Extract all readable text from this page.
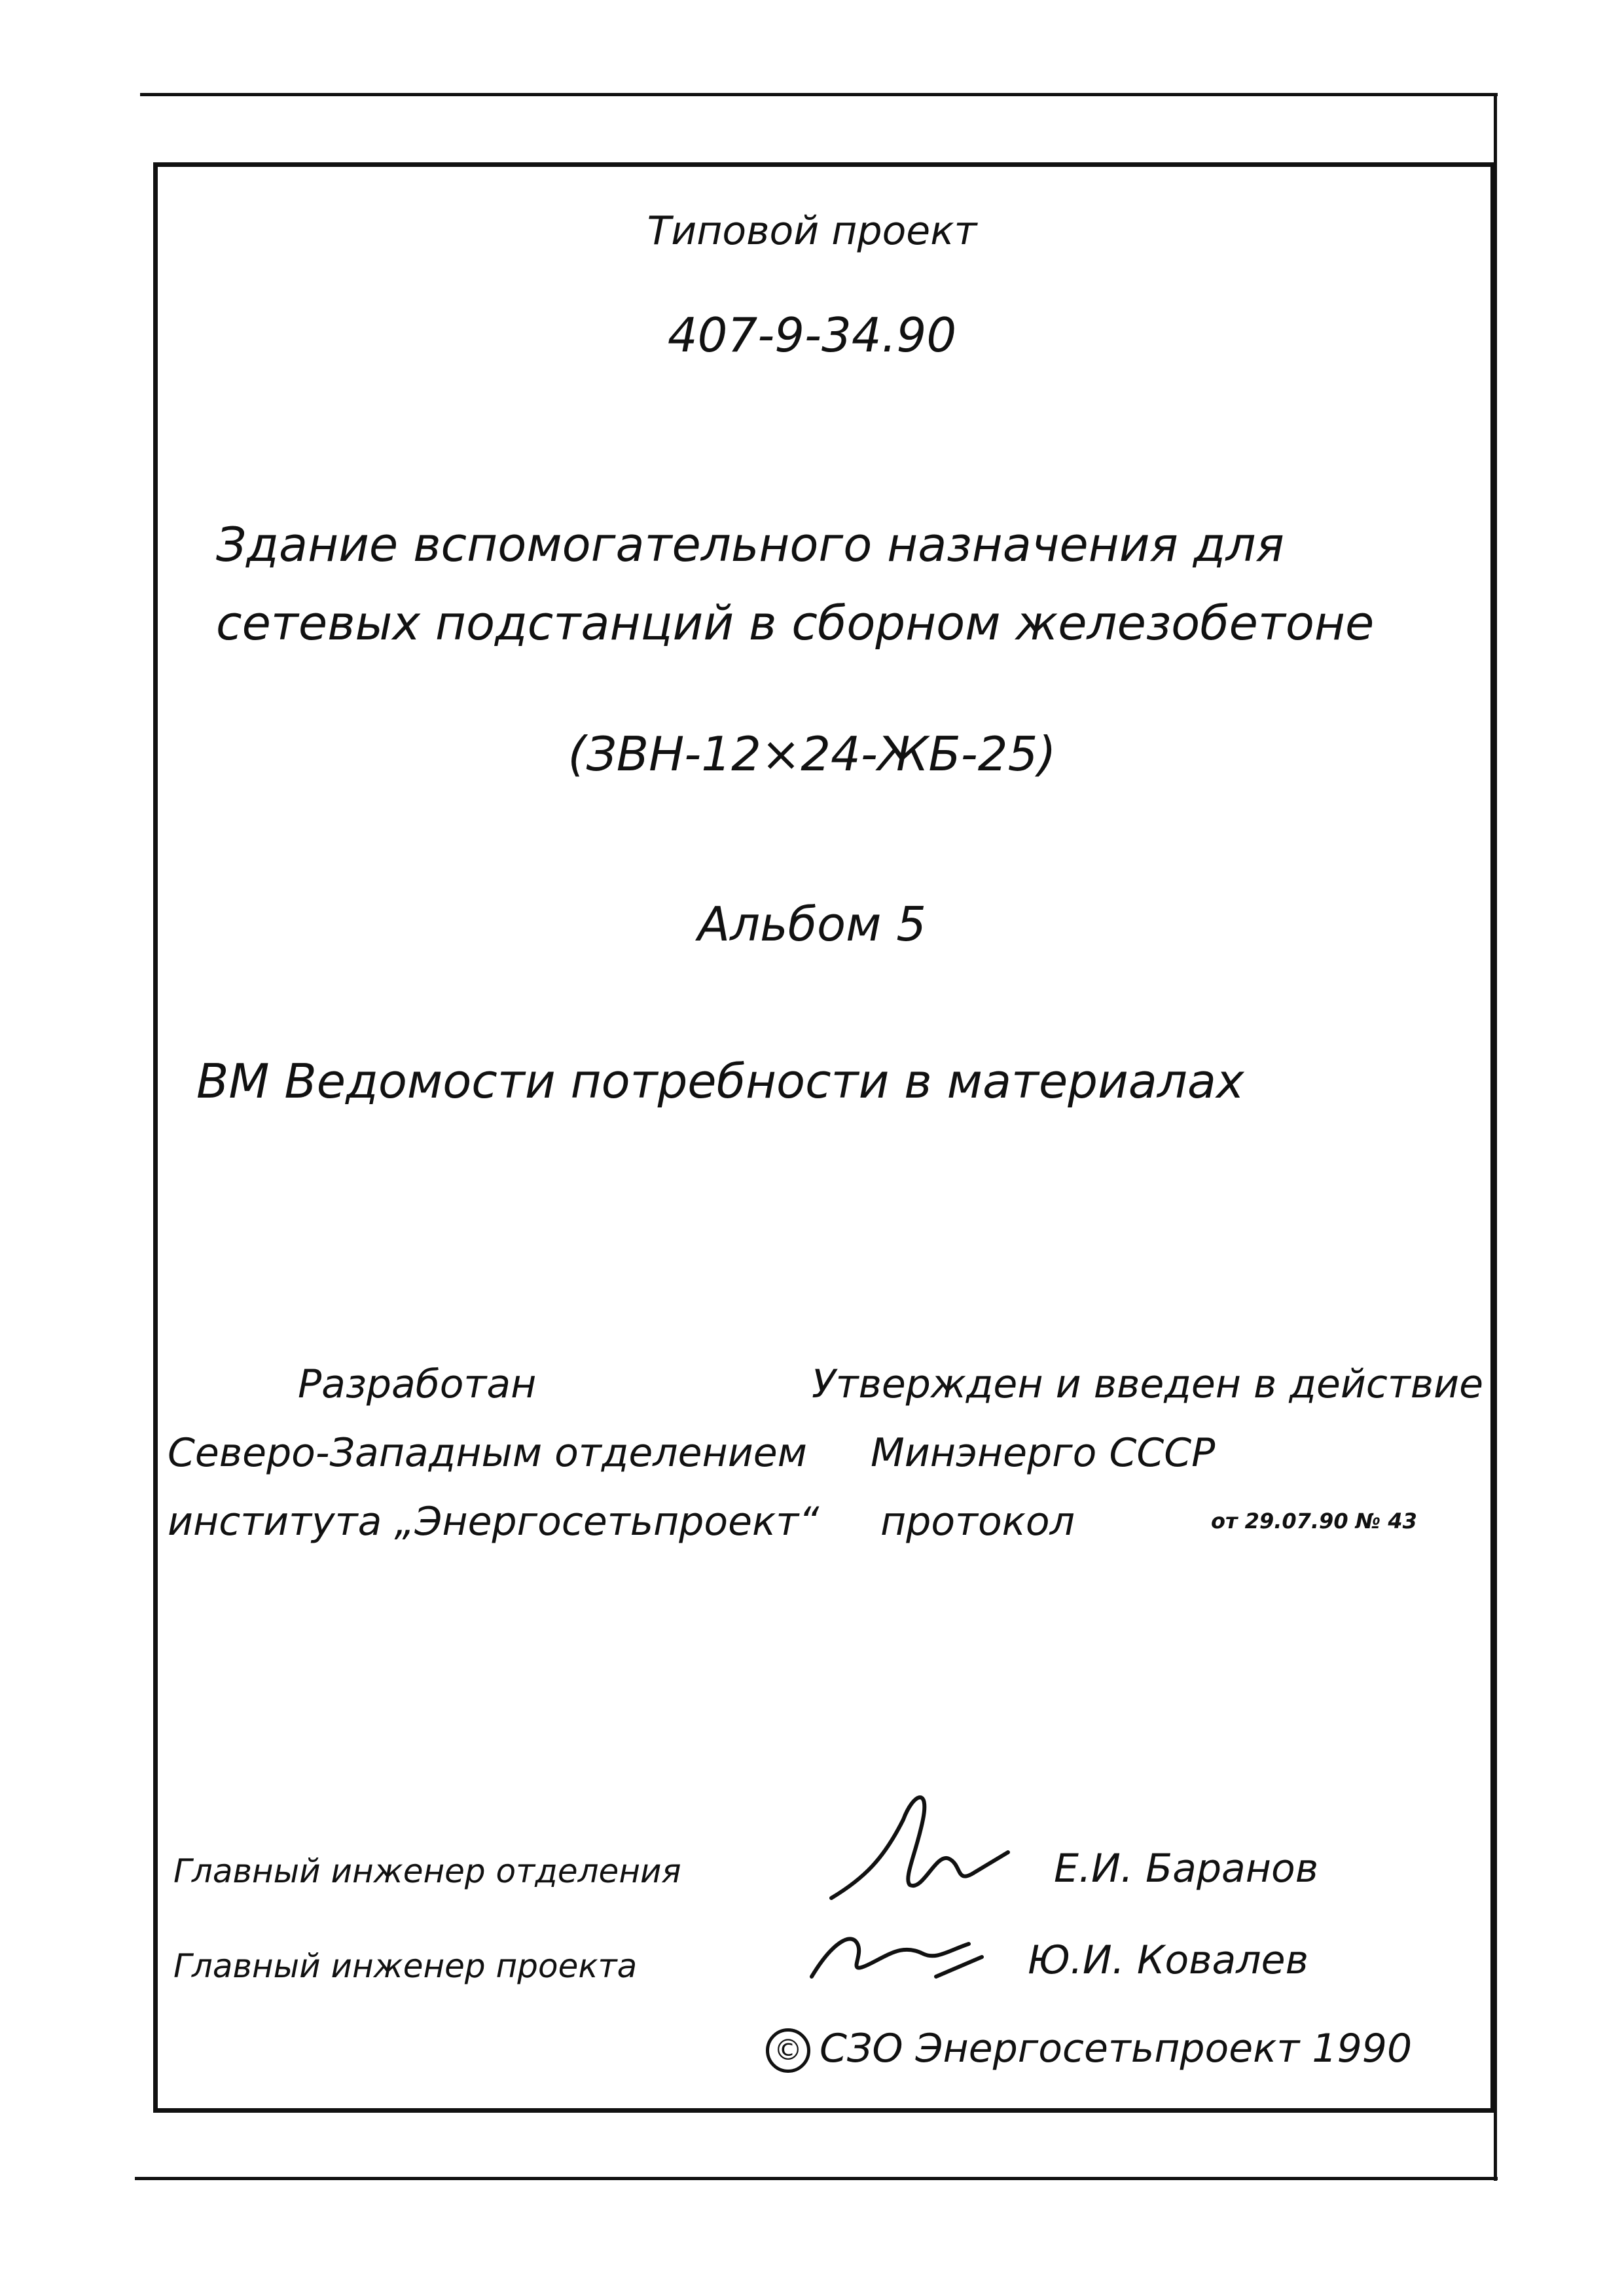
Типовой проект
407-9-34.90
Здание вспомогательного назначения для
сетевых подстанций в сборном железобетоне
(ЗВН-12×24-ЖБ-25)
Альбом 5
ВМ Ведомости потребности в материалах
Разработан
Северо-Западным отделением
института „Энергосетьпроект“
Утвержден и введен в действие
Минэнерго СССР
протокол	от 29.07.90 № 43
Главный инженер отделения	Е.И. Баранов
Главный инженер проекта	Ю.И. Ковалев
© СЗО Энергосетьпроект 1990
